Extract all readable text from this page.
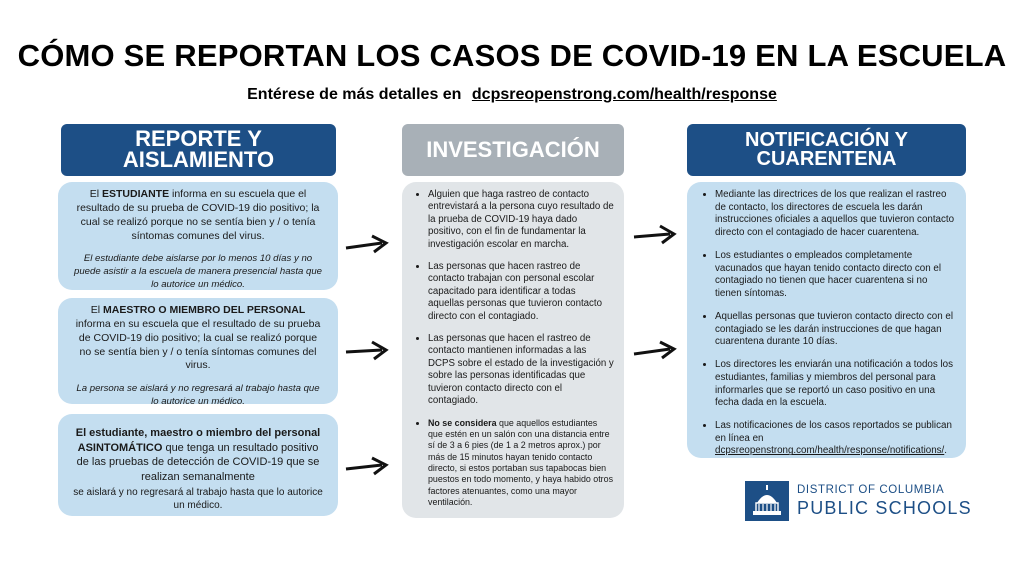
CÓMO SE REPORTAN LOS CASOS DE COVID-19 EN LA ESCUELA
Entérese de más detalles en dcpsreopenstrong.com/health/response
REPORTE Y
AISLAMIENTO
El ESTUDIANTE informa en su escuela que el resultado de su prueba de COVID-19 dio positivo; la cual se realizó porque no se sentía bien y / o tenía síntomas comunes del virus.
El estudiante debe aislarse por lo menos 10 días y no puede asistir a la escuela de manera presencial hasta que lo autorice un médico.
El MAESTRO O MIEMBRO DEL PERSONAL informa en su escuela que el resultado de su prueba de COVID-19 dio positivo; la cual se realizó porque no se sentía bien y / o tenía síntomas comunes del virus.
La persona se aislará y no regresará al trabajo hasta que lo autorice un médico.
El estudiante, maestro o miembro del personal ASINTOMÁTICO que tenga un resultado positivo de las pruebas de detección de COVID-19 que se realizan semanalmente
se aislará y no regresará al trabajo hasta que lo autorice un médico.
INVESTIGACIÓN
• Alguien que haga rastreo de contacto entrevistará a la persona cuyo resultado de la prueba de COVID-19 haya dado positivo, con el fin de fundamentar la investigación escolar en marcha.
• Las personas que hacen rastreo de contacto trabajan con personal escolar capacitado para identificar a todas aquellas personas que tuvieron contacto directo con el contagiado.
• Las personas que hacen el rastreo de contacto mantienen informadas a las DCPS sobre el estado de la investigación y sobre las personas identificadas que tuvieron contacto directo con el contagiado.
• No se considera que aquellos estudiantes que estén en un salón con una distancia entre sí de 3 a 6 pies (de 1 a 2 metros aprox.) por más de 15 minutos hayan tenido contacto directo, si estos portaban sus tapabocas bien puestos en todo momento, y haya habido otros factores atenuantes, como una mayor ventilación.
NOTIFICACIÓN Y
CUARENTENA
• Mediante las directrices de los que realizan el rastreo de contacto, los directores de escuela les darán instrucciones oficiales a aquellos que tuvieron contacto directo con el contagiado de hacer cuarentena.
• Los estudiantes o empleados completamente vacunados que hayan tenido contacto directo con el contagiado no tienen que hacer cuarentena si no tienen síntomas.
• Aquellas personas que tuvieron contacto directo con el contagiado se les darán instrucciones de que hagan cuarentena durante 10 días.
• Los directores les enviarán una notificación a todos los estudiantes, familias y miembros del personal para informarles que se reportó un caso positivo en una fecha dada en la escuela.
• Las notificaciones de los casos reportados se publican en línea en dcpsreopenstrong.com/health/response/notifications/.
DISTRICT OF COLUMBIA
PUBLIC SCHOOLS
